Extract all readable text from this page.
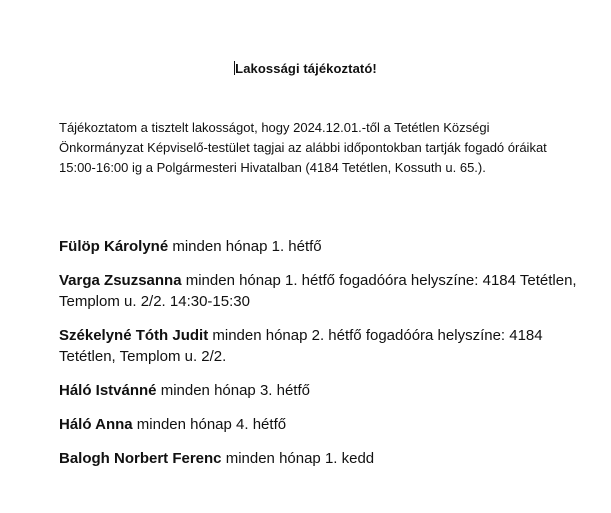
Lakossági tájékoztató!
Tájékoztatom a tisztelt lakosságot, hogy 2024.12.01.-től a Tetétlen Községi Önkormányzat Képviselő-testület tagjai az alábbi időpontokban tartják fogadó óráikat 15:00-16:00 ig a Polgármesteri Hivatalban (4184 Tetétlen, Kossuth u. 65.).

Fülöp Károlyné minden hónap 1. hétfő

Varga Zsuzsanna minden hónap 1. hétfő fogadóóra helyszíne: 4184 Tetétlen, Templom u. 2/2. 14:30-15:30

Székelyné Tóth Judit minden hónap 2. hétfő fogadóóra helyszíne: 4184 Tetétlen, Templom u. 2/2.

Háló Istvánné minden hónap 3. hétfő

Háló Anna minden hónap 4. hétfő

Balogh Norbert Ferenc minden hónap 1. kedd
